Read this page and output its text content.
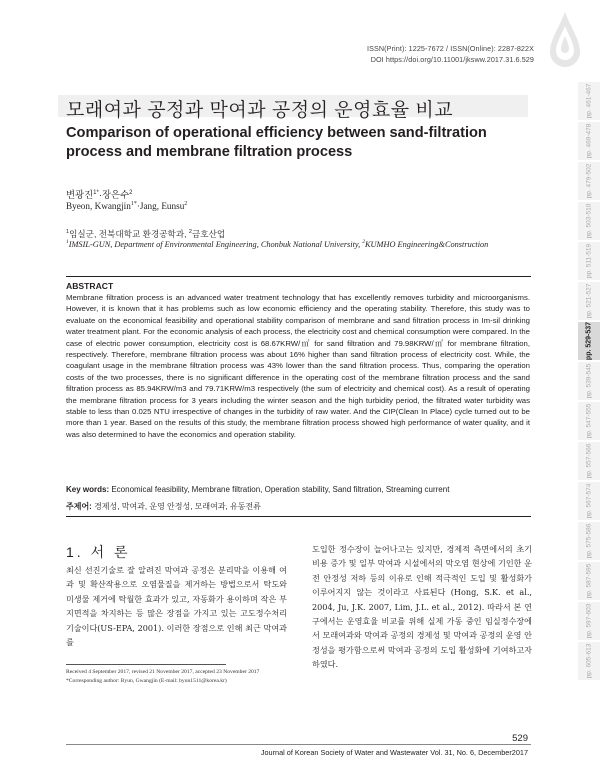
ISSN(Print): 1225-7672 / ISSN(Online): 2287-822X
DOI https://doi.org/10.11001/jksww.2017.31.6.529
pp. 461-467
pp. 469-478
pp. 479-502
pp. 503-510
pp. 511-519
pp. 521-527
pp. 529-537
pp. 539-545
pp. 547-555
pp. 557-566
pp. 567-574
pp. 575-586
pp. 587-595
pp. 597-603
pp. 605-613
모래여과 공정과 막여과 공정의 운영효율 비교
Comparison of operational efficiency between sand-filtration
process and membrane filtration process
변광진$^{1*}$·장은수$^2$
Byeon, Kwangjin$^{1*}$·Jang, Eunsu$^2$
$^1$임실군, 전북대학교 환경공학과, $^2$금호산업
$^1$IMSIL-GUN, Department of Environmental Engineering, Chonbuk National University, $^2$KUMHO Engineering&Construction
ABSTRACT
Membrane filtration process is an advanced water treatment technology that has excellently removes turbidity and microorganisms. However, it is known that it has problems such as low economic efficiency and the operating stability. Therefore, this study was to evaluate on the economical feasibility and operational stability comparison of membrane and sand filtration process in Im-sil drinking water treatment plant. For the economic analysis of each process, the electricity cost and chemical consumption were compared. In the case of electric power consumption, electricity cost is 68.67KRW/㎥ for sand filtration and 79.98KRW/㎥ for membrane filtration, respectively. Therefore, membrane filtration process was about 16% higher than sand filtration process of electricity cost. While, the coagulant usage in the membrane filtration process was 43% lower than the sand filtration process. Thus, comparing the operation costs of the two processes, there is no significant difference in the operating cost of the membrane filtration process and the sand filtration process as 85.94KRW/m3 and 79.71KRW/m3 respectively (the sum of electricity and chemical cost). As a result of operating the membrane filtration process for 3 years including the winter season and the high turbidity period, the filtrated water turbidity was stable to less than 0.025 NTU irrespective of changes in the turbidity of raw water. And the CIP(Clean In Place) cycle turned out to be more than 1 year. Based on the results of this study, the membrane filtration process showed high performance of water quality, and it was also determined to have the economics and operation stability.
Key words: Economical feasibility, Membrane filtration, Operation stability, Sand filtration, Streaming current
주제어: 경제성, 막여과, 운영 안정성, 모래여과, 유동전류
1. 서 론
최신 선진기술로 잘 알려진 막여과 공정은 분리막을 이용해 여과 및 확산작용으로 오염물질을 제거하는 방법으로서 탁도와 미생물 제거에 탁월한 효과가 있고, 자동화가 용이하며 작은 부지면적을 차지하는 등 많은 장점을 가지고 있는 고도정수처리 기술이다(US-EPA, 2001). 이러한 장점으로 인해 최근 막여과를
도입한 정수장이 늘어나고는 있지만, 경제적 측면에서의 초기비용 증가 및 일부 막여과 시설에서의 막오염 현상에 기인한 운전 안정성 저하 등의 이유로 인해 적극적인 도입 및 활성화가 이루어지지 않는 것이라고 사료된다 (Hong, S.K. et al., 2004, Ju, J.K. 2007, Lim, J.L. et al., 2012). 따라서 본 연구에서는 운영효율 비교를 위해 실제 가동 중인 임실정수장에서 모래여과와 막여과 공정의 경제성 및 막여과 공정의 운영 안정성을 평가함으로써 막여과 공정의 도입 활성화에 기여하고자 하였다.
Received 4 September 2017, revised 21 November 2017, accepted 23 November 2017
*Corresponding author: Byun, Gwangjin (E-mail: byun1511@korea.kr)
529
Journal of Korean Society of Water and Wastewater Vol. 31, No. 6, December2017
